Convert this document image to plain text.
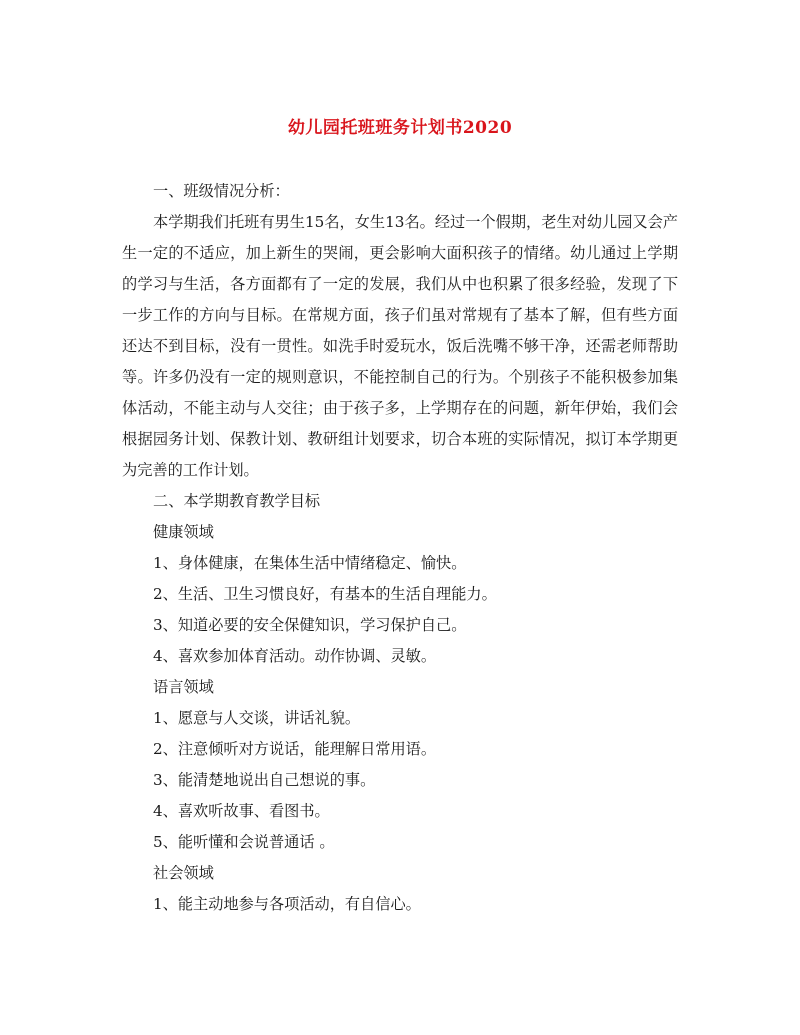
幼儿园托班班务计划书2020
一、班级情况分析：

本学期我们托班有男生15名，女生13名。经过一个假期，老生对幼儿园又会产生一定的不适应，加上新生的哭闹，更会影响大面积孩子的情绪。幼儿通过上学期的学习与生活，各方面都有了一定的发展，我们从中也积累了很多经验，发现了下一步工作的方向与目标。在常规方面，孩子们虽对常规有了基本了解，但有些方面还达不到目标，没有一贯性。如洗手时爱玩水，饭后洗嘴不够干净，还需老师帮助等。许多仍没有一定的规则意识，不能控制自己的行为。个别孩子不能积极参加集体活动，不能主动与人交往；由于孩子多，上学期存在的问题，新年伊始，我们会根据园务计划、保教计划、教研组计划要求，切合本班的实际情况，拟订本学期更为完善的工作计划。

二、本学期教育教学目标
健康领域
1、身体健康，在集体生活中情绪稳定、愉快。
2、生活、卫生习惯良好，有基本的生活自理能力。
3、知道必要的安全保健知识，学习保护自己。
4、喜欢参加体育活动。动作协调、灵敏。
语言领域
1、愿意与人交谈，讲话礼貌。
2、注意倾听对方说话，能理解日常用语。
3、能清楚地说出自己想说的事。
4、喜欢听故事、看图书。
5、能听懂和会说普通话 。
社会领域
1、能主动地参与各项活动，有自信心。
